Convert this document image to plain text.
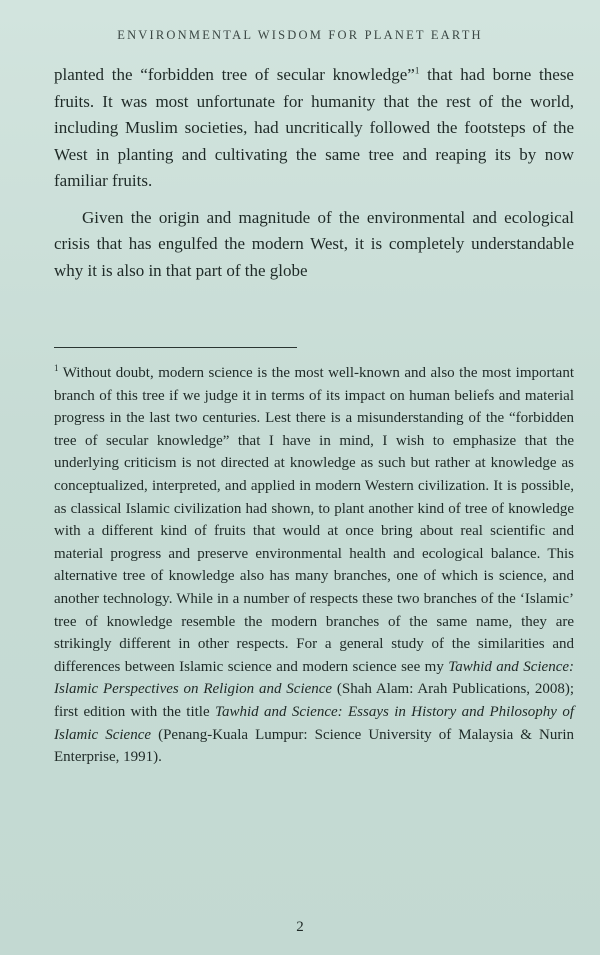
ENVIRONMENTAL WISDOM FOR PLANET EARTH

planted the “forbidden tree of secular knowledge”$^1$ that had borne these fruits. It was most unfortunate for humanity that the rest of the world, including Muslim societies, had uncritically followed the footsteps of the West in planting and cultivating the same tree and reaping its by now familiar fruits.

Given the origin and magnitude of the environmental and ecological crisis that has engulfed the modern West, it is completely understandable why it is also in that part of the globe

$^1$ Without doubt, modern science is the most well-known and also the most important branch of this tree if we judge it in terms of its impact on human beliefs and material progress in the last two centuries. Lest there is a misunderstanding of the “forbidden tree of secular knowledge” that I have in mind, I wish to emphasize that the underlying criticism is not directed at knowledge as such but rather at knowledge as conceptualized, interpreted, and applied in modern Western civilization. It is possible, as classical Islamic civilization had shown, to plant another kind of tree of knowledge with a different kind of fruits that would at once bring about real scientific and material progress and preserve environmental health and ecological balance. This alternative tree of knowledge also has many branches, one of which is science, and another technology. While in a number of respects these two branches of the ‘Islamic’ tree of knowledge resemble the modern branches of the same name, they are strikingly different in other respects. For a general study of the similarities and differences between Islamic science and modern science see my Tawhid and Science: Islamic Perspectives on Religion and Science (Shah Alam: Arah Publications, 2008); first edition with the title Tawhid and Science: Essays in History and Philosophy of Islamic Science (Penang-Kuala Lumpur: Science University of Malaysia & Nurin Enterprise, 1991).
2
